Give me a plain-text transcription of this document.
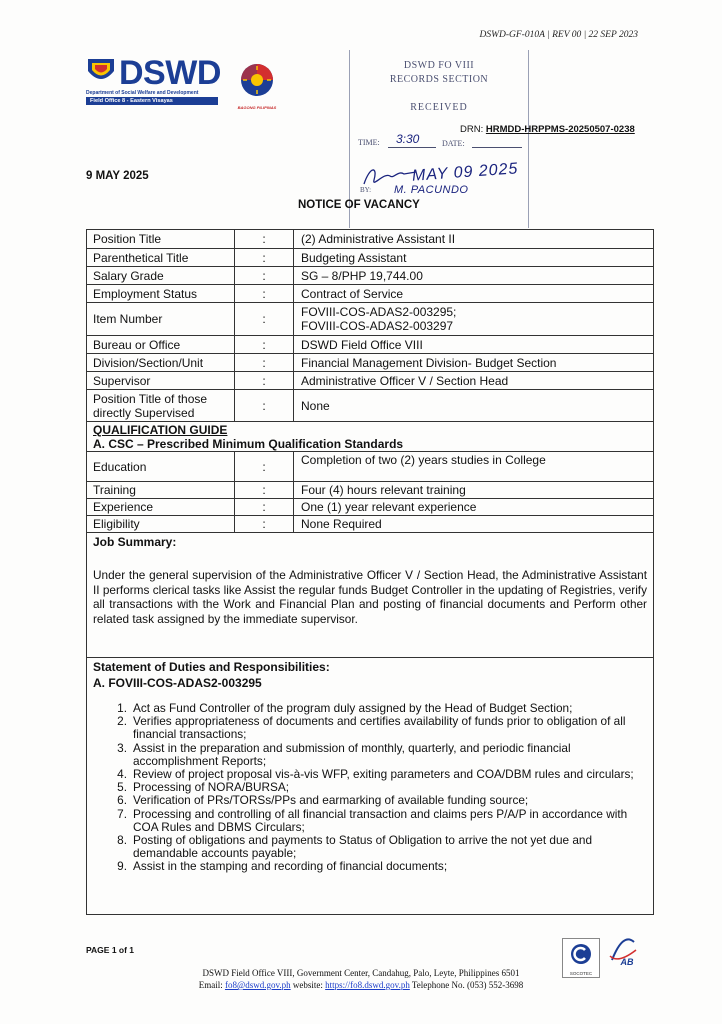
DSWD-GF-010A | REV 00 | 22 SEP 2023
DSWD
Department of Social Welfare and Development
Field Office 8 - Eastern Visayas
BAGONG PILIPINAS
DSWD FO VIII
RECORDS SECTION
RECEIVED
TIME: 3:30	DATE:
MAY 09 2025
BY: M. PACUNDO
DRN: HRMDD-HRPPMS-20250507-0238
9 MAY 2025
NOTICE OF VACANCY
Position Title	:	(2) Administrative Assistant II
Parenthetical Title	:	Budgeting Assistant
Salary Grade	:	SG – 8/PHP 19,744.00
Employment Status	:	Contract of Service
Item Number	:	FOVIII-COS-ADAS2-003295;
FOVIII-COS-ADAS2-003297
Bureau or Office	:	DSWD Field Office VIII
Division/Section/Unit	:	Financial Management Division- Budget Section
Supervisor	:	Administrative Officer V / Section Head
Position Title of those
directly Supervised	:	None
QUALIFICATION GUIDE
A. CSC – Prescribed Minimum Qualification Standards
Education	:	Completion of two (2) years studies in College
Training	:	Four (4) hours relevant training
Experience	:	One (1) year relevant experience
Eligibility	:	None Required
Job Summary:
Under the general supervision of the Administrative Officer V / Section Head, the Administrative Assistant II performs clerical tasks like Assist the regular funds Budget Controller in the updating of Registries, verify all transactions with the Work and Financial Plan and posting of financial documents and Perform other related task assigned by the immediate supervisor.
Statement of Duties and Responsibilities:
A. FOVIII-COS-ADAS2-003295
1. Act as Fund Controller of the program duly assigned by the Head of Budget Section;
2. Verifies appropriateness of documents and certifies availability of funds prior to obligation of all financial transactions;
3. Assist in the preparation and submission of monthly, quarterly, and periodic financial accomplishment Reports;
4. Review of project proposal vis-à-vis WFP, exiting parameters and COA/DBM rules and circulars;
5. Processing of NORA/BURSA;
6. Verification of PRs/TORSs/PPs and earmarking of available funding source;
7. Processing and controlling of all financial transaction and claims pers P/A/P in accordance with COA Rules and DBMS Circulars;
8. Posting of obligations and payments to Status of Obligation to arrive the not yet due and demandable accounts payable;
9. Assist in the stamping and recording of financial documents;
PAGE 1 of 1
DSWD Field Office VIII, Government Center, Candahug, Palo, Leyte, Philippines 6501
Email: fo8@dswd.gov.ph website: https://fo8.dswd.gov.ph Telephone No. (053) 552-3698
SOCOTEC
AB
